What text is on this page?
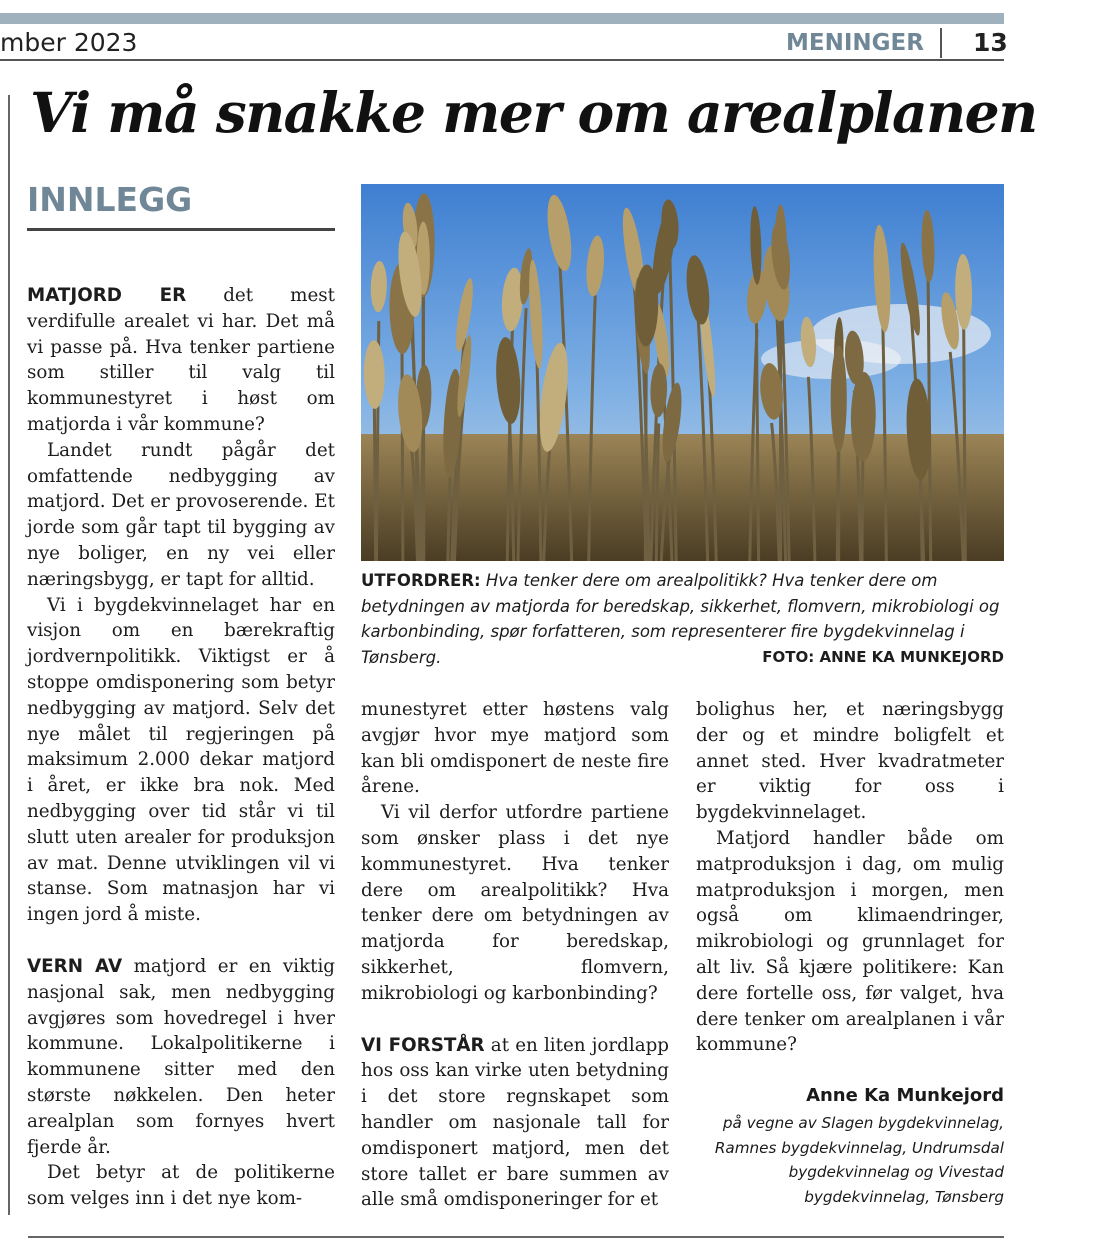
mber 2023	MENINGER 13
Vi må snakke mer om arealplanen
INNLEGG

MATJORD ER det mest verdifulle arealet vi har. Det må vi passe på. Hva tenker partiene som stiller til valg til kommunestyret i høst om matjorda i vår kommune?

Landet rundt pågår det omfattende nedbygging av matjord. Det er provoserende. Et jorde som går tapt til bygging av nye boliger, en ny vei eller næringsbygg, er tapt for alltid.

Vi i bygdekvinnelaget har en visjon om en bærekraftig jordvernpolitikk. Viktigst er å stoppe omdisponering som betyr nedbygging av matjord. Selv det nye målet til regjeringen på maksimum 2.000 dekar matjord i året, er ikke bra nok. Med nedbygging over tid står vi til slutt uten arealer for produksjon av mat. Denne utviklingen vil vi stanse. Som matnasjon har vi ingen jord å miste.

VERN AV matjord er en viktig nasjonal sak, men nedbygging avgjøres som hovedregel i hver kommune. Lokalpolitikerne i kommunene sitter med den største nøkkelen. Den heter arealplan som fornyes hvert fjerde år.

Det betyr at de politikerne som velges inn i det nye kom-

UTFORDRER: Hva tenker dere om arealpolitikk? Hva tenker dere om betydningen av matjorda for beredskap, sikkerhet, flomvern, mikrobiologi og karbonbinding, spør forfatteren, som representerer fire bygdekvinnelag i Tønsberg.	FOTO: ANNE KA MUNKEJORD

munestyret etter høstens valg avgjør hvor mye matjord som kan bli omdisponert de neste fire årene.

Vi vil derfor utfordre partiene som ønsker plass i det nye kommunestyret. Hva tenker dere om arealpolitikk? Hva tenker dere om betydningen av matjorda for beredskap, sikkerhet, flomvern, mikrobiologi og karbonbinding?

VI FORSTÅR at en liten jordlapp hos oss kan virke uten betydning i det store regnskapet som handler om nasjonale tall for omdisponert matjord, men det store tallet er bare summen av alle små omdisponeringer for et

bolighus her, et næringsbygg der og et mindre boligfelt et annet sted. Hver kvadratmeter er viktig for oss i bygdekvinnelaget.

Matjord handler både om matproduksjon i dag, om mulig matproduksjon i morgen, men også om klimaendringer, mikrobiologi og grunnlaget for alt liv. Så kjære politikere: Kan dere fortelle oss, før valget, hva dere tenker om arealplanen i vår kommune?

Anne Ka Munkejord
på vegne av Slagen bygdekvinnelag, Ramnes bygdekvinnelag, Undrumsdal bygdekvinnelag og Vivestad bygdekvinnelag, Tønsberg
